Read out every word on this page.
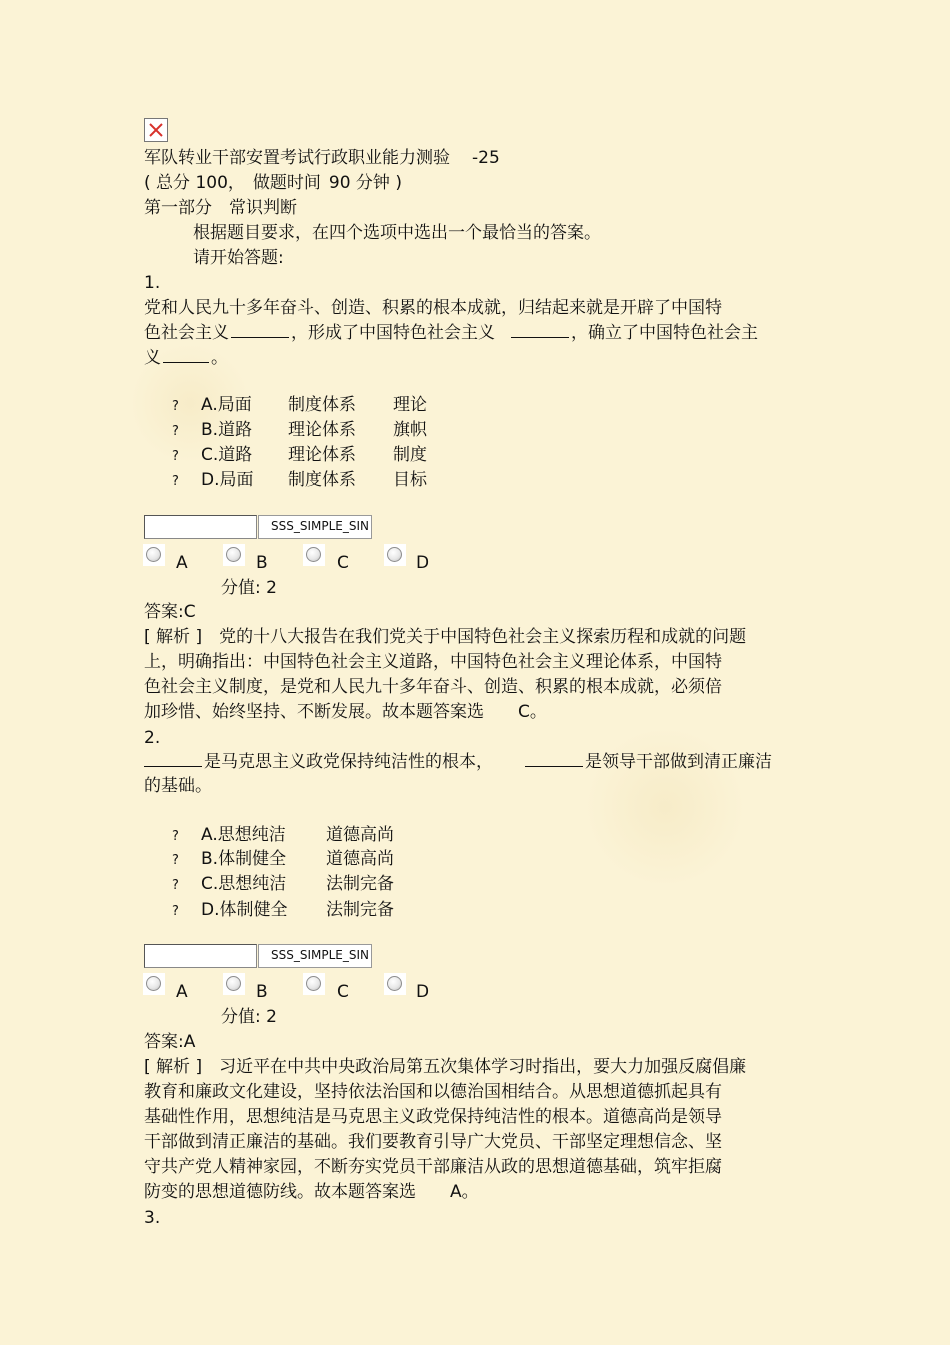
军队转业干部安置考试行政职业能力测验 -25
( 总分 100， 做题时间 90 分钟 )
第一部分　常识判断
根据题目要求，在四个选项中选出一个最恰当的答案。
请开始答题:
1.
党和人民九十多年奋斗、创造、积累的根本成就，归结起来就是开辟了中国特
色社会主义	，形成了中国特色社会主义	，确立了中国特色社会主
义	。
? A.局面 制度体系 理论
? B.道路 理论体系 旗帜
? C.道路 理论体系 制度
? D.局面 制度体系 目标
SSS_SIMPLE_SIN
A	B	C	D
分值: 2
答案:C
[ 解析 ]　党的十八大报告在我们党关于中国特色社会主义探索历程和成就的问题
上，明确指出：中国特色社会主义道路，中国特色社会主义理论体系，中国特
色社会主义制度，是党和人民九十多年奋斗、创造、积累的根本成就，必须倍
加珍惜、始终坚持、不断发展。故本题答案选　　C。
2.
是马克思主义政党保持纯洁性的根本，	是领导干部做到清正廉洁
的基础。
? A.思想纯洁 道德高尚
? B.体制健全 道德高尚
? C.思想纯洁 法制完备
? D.体制健全 法制完备
SSS_SIMPLE_SIN
A	B	C	D
分值: 2
答案:A
[ 解析 ]　习近平在中共中央政治局第五次集体学习时指出，要大力加强反腐倡廉
教育和廉政文化建设，坚持依法治国和以德治国相结合。从思想道德抓起具有
基础性作用，思想纯洁是马克思主义政党保持纯洁性的根本。道德高尚是领导
干部做到清正廉洁的基础。我们要教育引导广大党员、干部坚定理想信念、坚
守共产党人精神家园，不断夯实党员干部廉洁从政的思想道德基础，筑牢拒腐
防变的思想道德防线。故本题答案选　　A。
3.
